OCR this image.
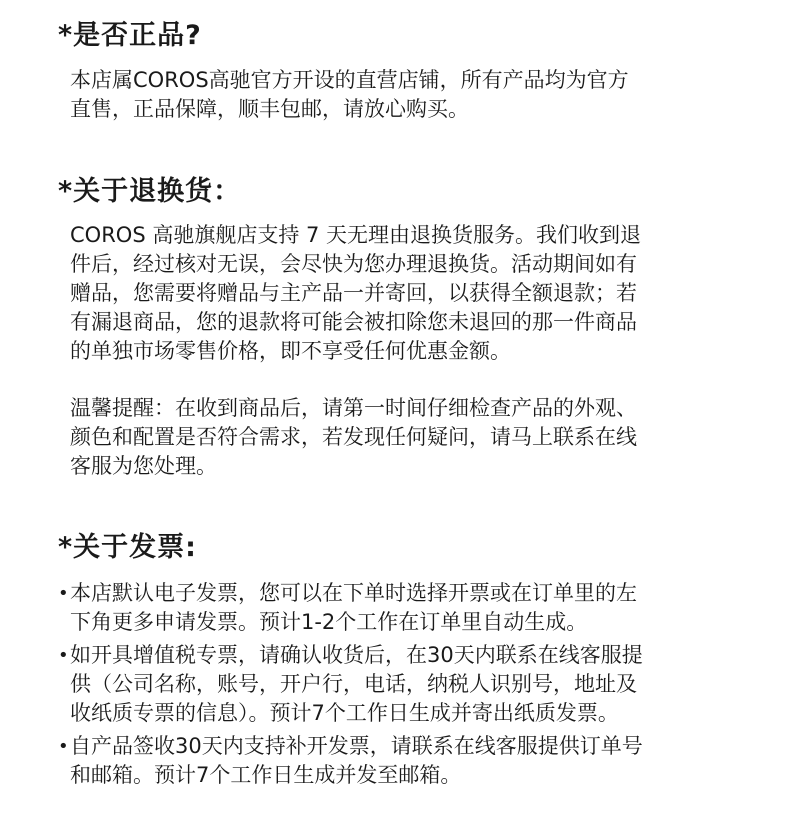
*是否正品?

本店属COROS高驰官方开设的直营店铺，所有产品均为官方
直售，正品保障，顺丰包邮，请放心购买。

*关于退换货：

COROS 高驰旗舰店支持 7 天无理由退换货服务。我们收到退
件后，经过核对无误，会尽快为您办理退换货。活动期间如有
赠品，您需要将赠品与主产品一并寄回，以获得全额退款；若
有漏退商品，您的退款将可能会被扣除您未退回的那一件商品
的单独市场零售价格，即不享受任何优惠金额。

温馨提醒：在收到商品后，请第一时间仔细检查产品的外观、
颜色和配置是否符合需求，若发现任何疑问，请马上联系在线
客服为您处理。

*关于发票:
• 本店默认电子发票，您可以在下单时选择开票或在订单里的左
下角更多申请发票。预计1-2个工作在订单里自动生成。
• 如开具增值税专票，请确认收货后，在30天内联系在线客服提
供（公司名称，账号，开户行，电话，纳税人识别号，地址及
收纸质专票的信息）。预计7个工作日生成并寄出纸质发票。
• 自产品签收30天内支持补开发票，请联系在线客服提供订单号
和邮箱。预计7个工作日生成并发至邮箱。
